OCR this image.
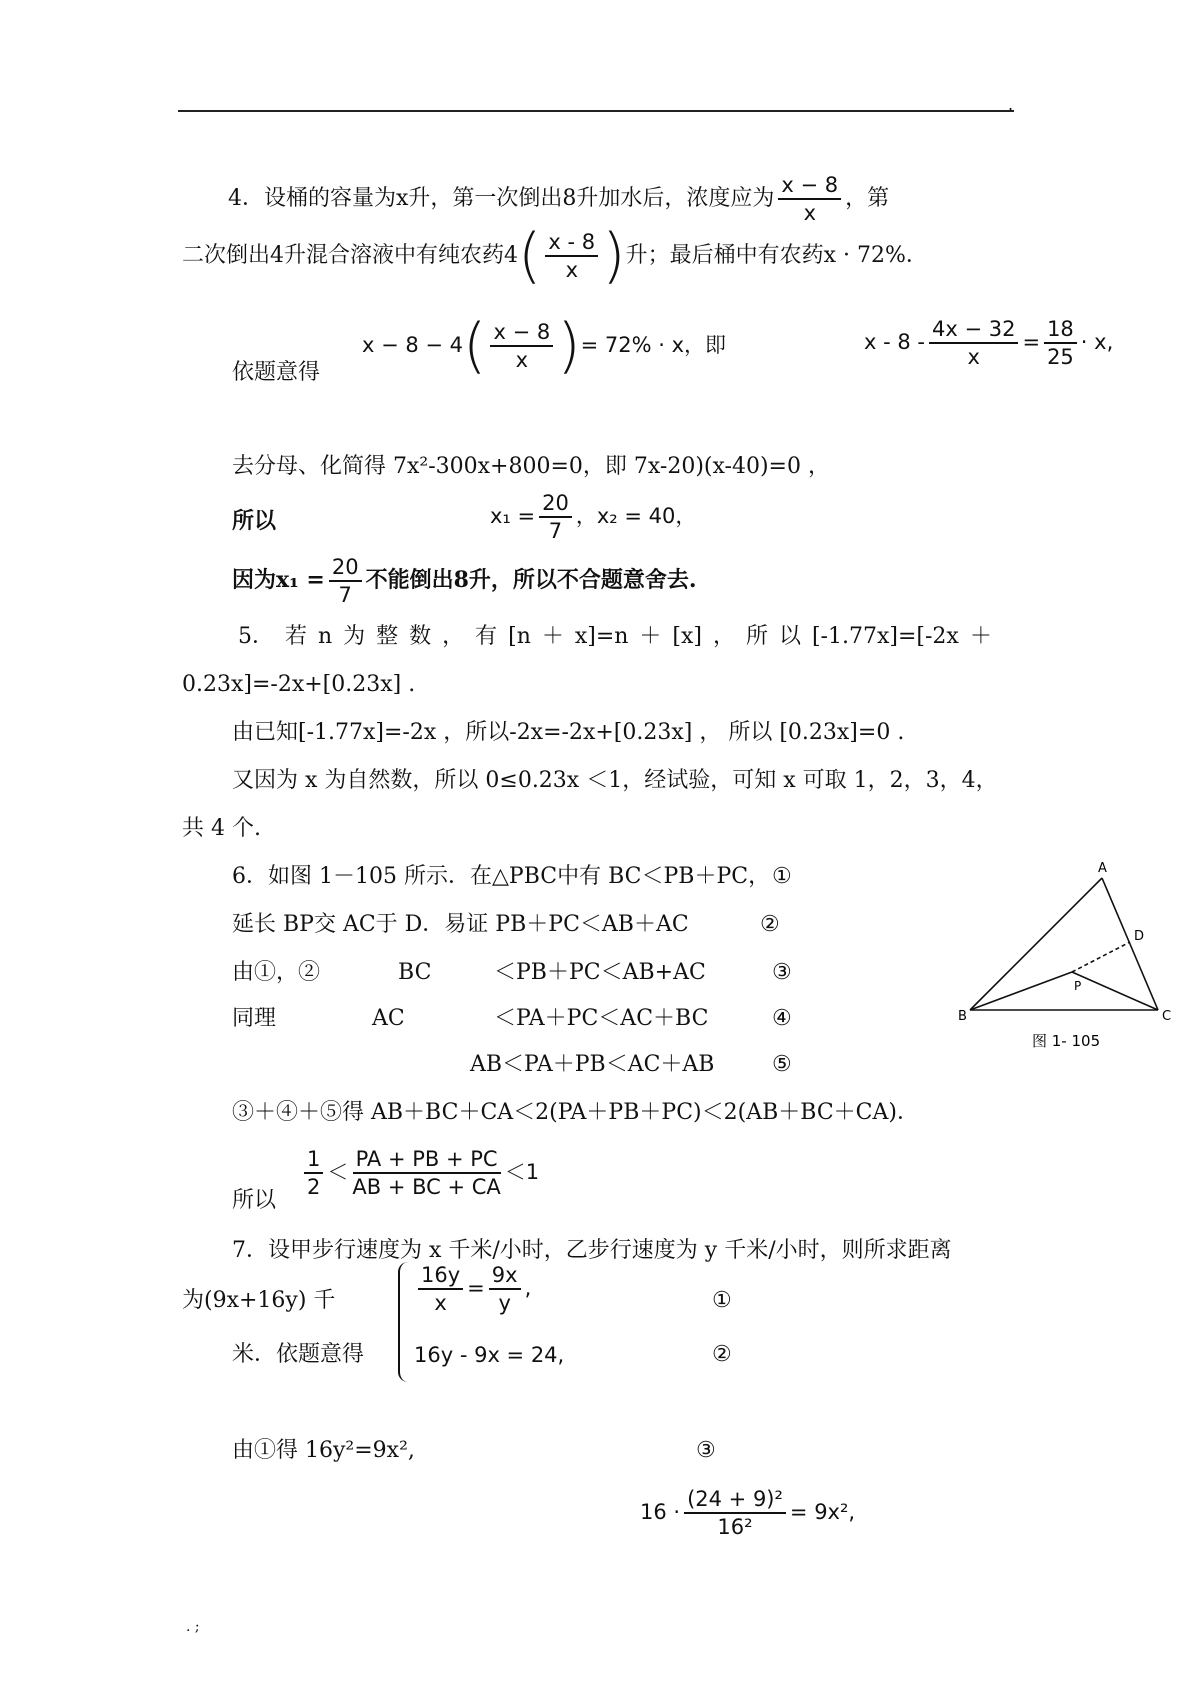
.
4．设桶的容量为x升，第一次倒出8升加水后，浓度应为 $\frac{x - 8}{x}$ ，第
二次倒出4升混合溶液中有纯农药4 ( $\frac{x - 8}{x}$ ) 升；最后桶中有农药x · 72%．
依题意得
x − 8 − 4 ( $\frac{x - 8}{x}$ ) = 72% · x，即	$x - 8 - \frac{4x - 32}{x} = \frac{18}{25} \cdot x$,
去分母、化简得 7x²-300x+800=0，即 7x-20)(x-40)=0 ，
所以	$x_1 = \frac{20}{7}$ ，x₂ = 40，
因为$x_1 = \frac{20}{7}$ 不能倒出8升，所以不合题意舍去.
5． 若 n 为 整 数 ， 有 [n ＋ x]=n ＋ [x] ， 所 以 [-1.77x]=[-2x ＋
0.23x]=-2x+[0.23x] .
由已知[-1.77x]=-2x ，所以-2x=-2x+[0.23x] ， 所以 [0.23x]=0 .
又因为 x 为自然数，所以 0≤0.23x ＜1，经试验，可知 x 可取 1，2，3，4，
共 4 个.
6．如图 1－105 所示．在△PBC中有 BC＜PB＋PC， ①
延长 BP交 AC于 D．易证 PB＋PC＜AB＋AC	②
由①，②	BC	＜PB＋PC＜AB+AC	③
同理	AC	＜PA＋PC＜AC＋BC	④
AB＜PA＋PB＜AC＋AB	⑤
③＋④＋⑤得 AB＋BC＋CA＜2(PA＋PB＋PC)＜2(AB＋BC＋CA)．
所以
$\frac{1}{2} < \frac{PA + PB + PC}{AB + BC + CA} <1$
A
B	C
D
P
图 1- 105
7．设甲步行速度为 x 千米/小时，乙步行速度为 y 千米/小时，则所求距离
为(9x+16y) 千
米．依题意得
$\frac{16y}{x} = \frac{9x}{y}$ ,
16y - 9x = 24,
①
②
由①得 16y²=9x²,	③
$16 \cdot \frac{\text{(24 + 9)²}}{\text{16²}} = 9x^2$,
. ;
